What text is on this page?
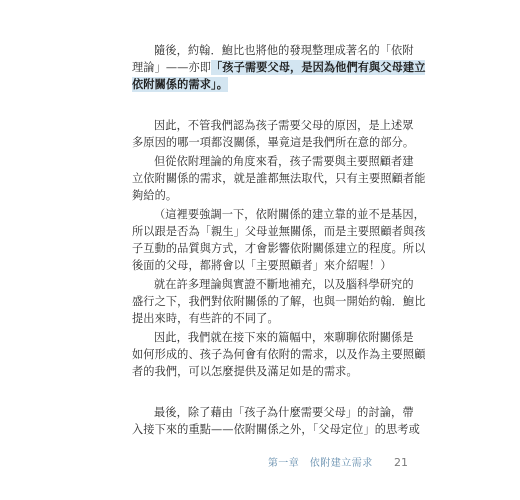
隨後，約翰．鮑比也將他的發現整理成著名的「依附
理論」——亦即「孩子需要父母，是因為他們有與父母建立
依附關係的需求」。

因此，不管我們認為孩子需要父母的原因，是上述眾
多原因的哪一項都沒關係，畢竟這是我們所在意的部分。

但從依附理論的角度來看，孩子需要與主要照顧者建
立依附關係的需求，就是誰都無法取代，只有主要照顧者能
夠給的。

（這裡要強調一下，依附關係的建立靠的並不是基因，
所以跟是否為「親生」父母並無關係，而是主要照顧者與孩
子互動的品質與方式，才會影響依附關係建立的程度。所以
後面的父母，都將會以「主要照顧者」來介紹喔！）

就在許多理論與實證不斷地補充，以及腦科學研究的
盛行之下，我們對依附關係的了解，也與一開始約翰．鮑比
提出來時，有些許的不同了。

因此，我們就在接下來的篇幅中，來聊聊依附關係是
如何形成的、孩子為何會有依附的需求，以及作為主要照顧
者的我們，可以怎麼提供及滿足如是的需求。

最後，除了藉由「孩子為什麼需要父母」的討論，帶
入接下來的重點——依附關係之外，「父母定位」的思考或

第一章　依附建立需求 21
